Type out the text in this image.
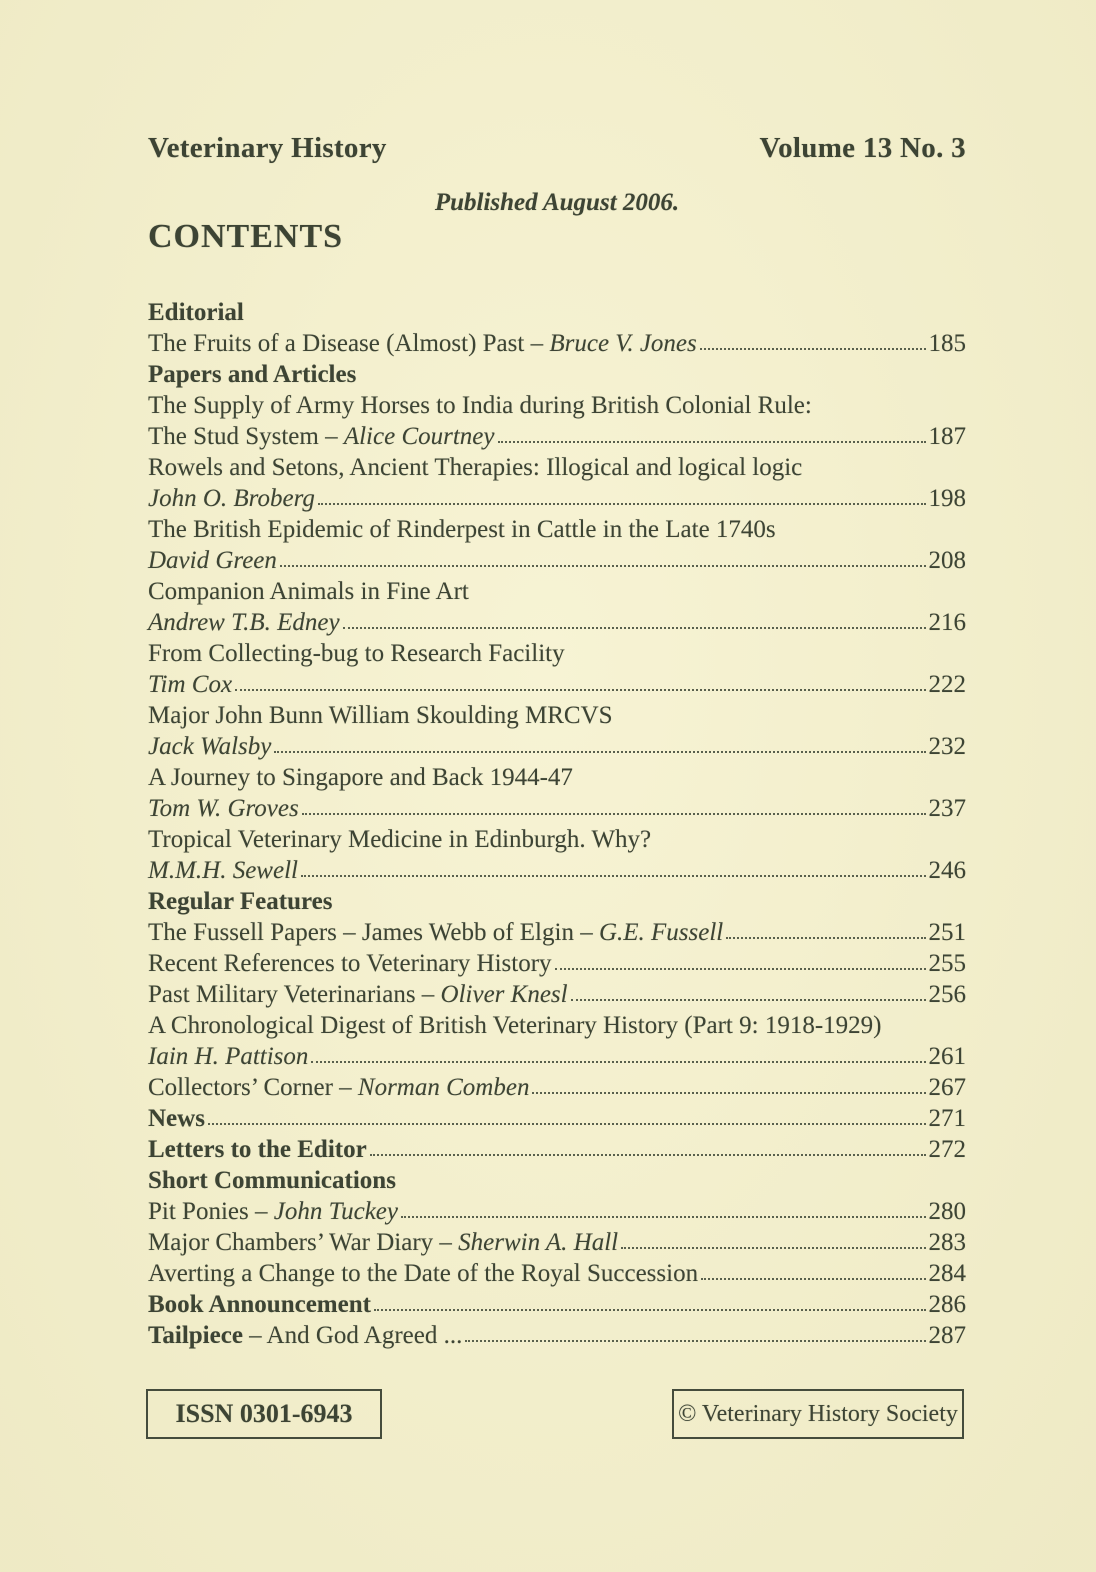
Veterinary History	Volume 13 No. 3
Published August 2006.
CONTENTS
Editorial
The Fruits of a Disease (Almost) Past – Bruce V. Jones	185
Papers and Articles
The Supply of Army Horses to India during British Colonial Rule:
The Stud System – Alice Courtney	187
Rowels and Setons, Ancient Therapies: Illogical and logical logic
John O. Broberg	198
The British Epidemic of Rinderpest in Cattle in the Late 1740s
David Green	208
Companion Animals in Fine Art
Andrew T.B. Edney	216
From Collecting-bug to Research Facility
Tim Cox	222
Major John Bunn William Skoulding MRCVS
Jack Walsby	232
A Journey to Singapore and Back 1944-47
Tom W. Groves	237
Tropical Veterinary Medicine in Edinburgh. Why?
M.M.H. Sewell	246
Regular Features
The Fussell Papers – James Webb of Elgin – G.E. Fussell	251
Recent References to Veterinary History	255
Past Military Veterinarians – Oliver Knesl	256
A Chronological Digest of British Veterinary History (Part 9: 1918-1929)
Iain H. Pattison	261
Collectors’ Corner – Norman Comben	267
News	271
Letters to the Editor	272
Short Communications
Pit Ponies – John Tuckey	280
Major Chambers’ War Diary – Sherwin A. Hall	283
Averting a Change to the Date of the Royal Succession	284
Book Announcement	286
Tailpiece – And God Agreed ...	287
ISSN 0301-6943	© Veterinary History Society
